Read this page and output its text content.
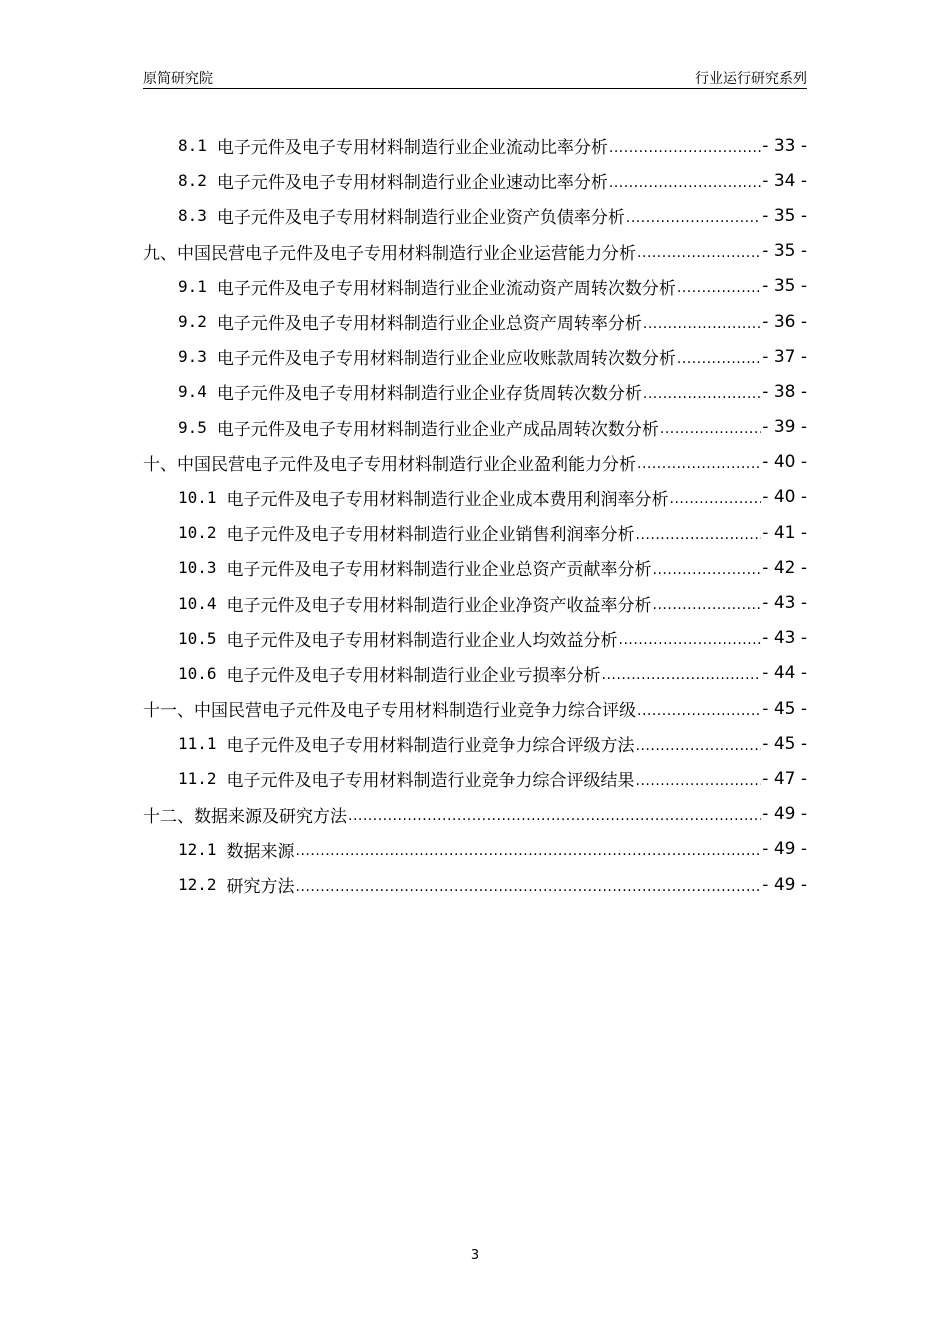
原简研究院	行业运行研究系列
8.1 电子元件及电子专用材料制造行业企业流动比率分析 .....	- 33 -
8.2 电子元件及电子专用材料制造行业企业速动比率分析 .....	- 34 -
8.3 电子元件及电子专用材料制造行业企业资产负债率分析 .....	- 35 -
九、中国民营电子元件及电子专用材料制造行业企业运营能力分析 .....	- 35 -
9.1 电子元件及电子专用材料制造行业企业流动资产周转次数分析 .....	- 35 -
9.2 电子元件及电子专用材料制造行业企业总资产周转率分析 .....	- 36 -
9.3 电子元件及电子专用材料制造行业企业应收账款周转次数分析 .....	- 37 -
9.4 电子元件及电子专用材料制造行业企业存货周转次数分析 .....	- 38 -
9.5 电子元件及电子专用材料制造行业企业产成品周转次数分析 .....	- 39 -
十、中国民营电子元件及电子专用材料制造行业企业盈利能力分析 .....	- 40 -
10.1 电子元件及电子专用材料制造行业企业成本费用利润率分析 .....	- 40 -
10.2 电子元件及电子专用材料制造行业企业销售利润率分析 .....	- 41 -
10.3 电子元件及电子专用材料制造行业企业总资产贡献率分析 .....	- 42 -
10.4 电子元件及电子专用材料制造行业企业净资产收益率分析 .....	- 43 -
10.5 电子元件及电子专用材料制造行业企业人均效益分析 .....	- 43 -
10.6 电子元件及电子专用材料制造行业企业亏损率分析 .....	- 44 -
十一、中国民营电子元件及电子专用材料制造行业竞争力综合评级 .....	- 45 -
11.1 电子元件及电子专用材料制造行业竞争力综合评级方法 .....	- 45 -
11.2 电子元件及电子专用材料制造行业竞争力综合评级结果 .....	- 47 -
十二、数据来源及研究方法 .....	- 49 -
12.1 数据来源 .....	- 49 -
12.2 研究方法 .....	- 49 -
3
